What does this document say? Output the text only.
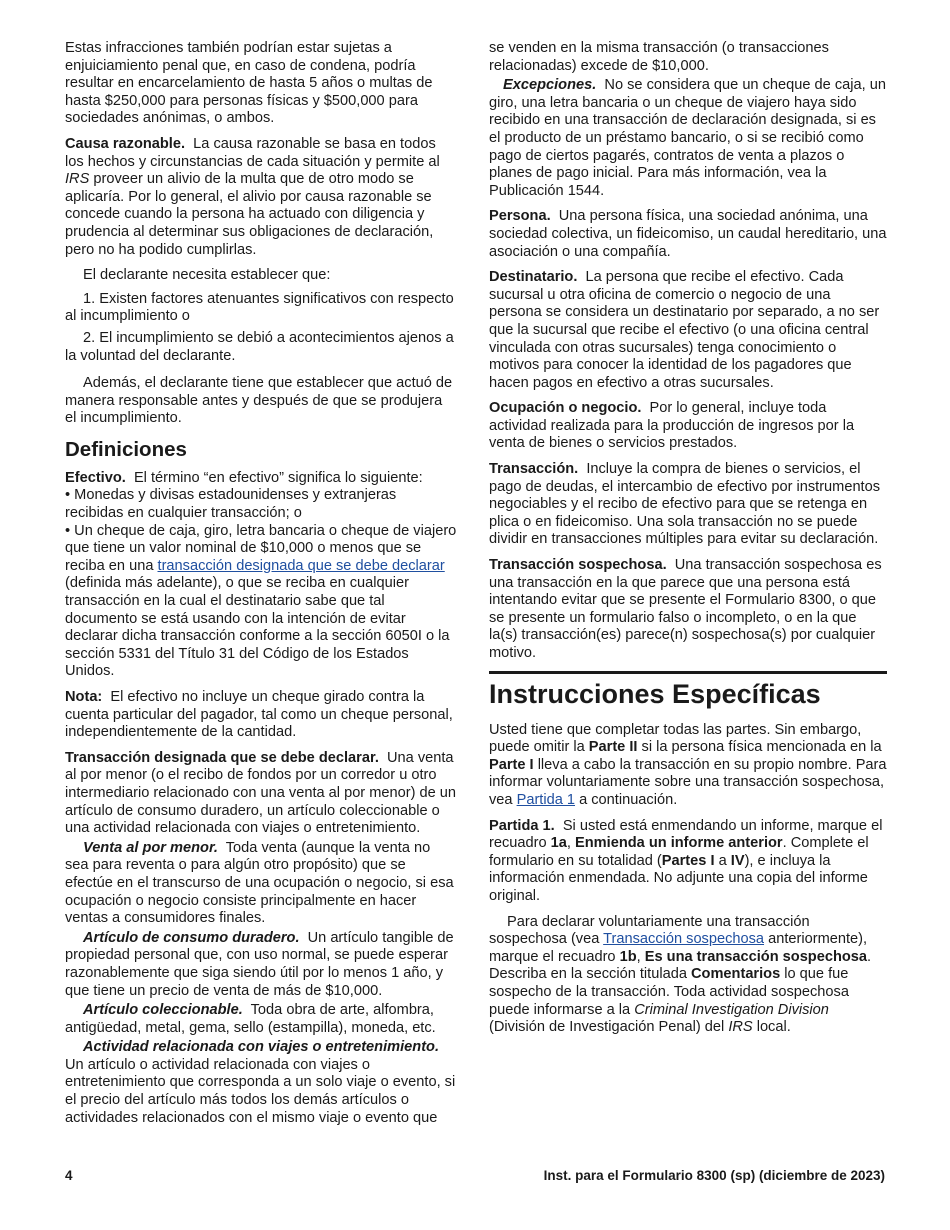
Estas infracciones también podrían estar sujetas a enjuiciamiento penal que, en caso de condena, podría resultar en encarcelamiento de hasta 5 años o multas de hasta $250,000 para personas físicas y $500,000 para sociedades anónimas, o ambos.

Causa razonable. La causa razonable se basa en todos los hechos y circunstancias de cada situación y permite al IRS proveer un alivio de la multa que de otro modo se aplicaría. Por lo general, el alivio por causa razonable se concede cuando la persona ha actuado con diligencia y prudencia al determinar sus obligaciones de declaración, pero no ha podido cumplirlas.

El declarante necesita establecer que:

1. Existen factores atenuantes significativos con respecto al incumplimiento o

2. El incumplimiento se debió a acontecimientos ajenos a la voluntad del declarante.

Además, el declarante tiene que establecer que actuó de manera responsable antes y después de que se produjera el incumplimiento.

Definiciones

Efectivo. El término “en efectivo” significa lo siguiente:

• Monedas y divisas estadounidenses y extranjeras recibidas en cualquier transacción; o

• Un cheque de caja, giro, letra bancaria o cheque de viajero que tiene un valor nominal de $10,000 o menos que se reciba en una transacción designada que se debe declarar (definida más adelante), o que se reciba en cualquier transacción en la cual el destinatario sabe que tal documento se está usando con la intención de evitar declarar dicha transacción conforme a la sección 6050I o la sección 5331 del Título 31 del Código de los Estados Unidos.

Nota: El efectivo no incluye un cheque girado contra la cuenta particular del pagador, tal como un cheque personal, independientemente de la cantidad.

Transacción designada que se debe declarar. Una venta al por menor (o el recibo de fondos por un corredor u otro intermediario relacionado con una venta al por menor) de un artículo de consumo duradero, un artículo coleccionable o una actividad relacionada con viajes o entretenimiento.

Venta al por menor. Toda venta (aunque la venta no sea para reventa o para algún otro propósito) que se efectúe en el transcurso de una ocupación o negocio, si esa ocupación o negocio consiste principalmente en hacer ventas a consumidores finales.

Artículo de consumo duradero. Un artículo tangible de propiedad personal que, con uso normal, se puede esperar razonablemente que siga siendo útil por lo menos 1 año, y que tiene un precio de venta de más de $10,000.

Artículo coleccionable. Toda obra de arte, alfombra, antigüedad, metal, gema, sello (estampilla), moneda, etc.

Actividad relacionada con viajes o entretenimiento. Un artículo o actividad relacionada con viajes o entretenimiento que corresponda a un solo viaje o evento, si el precio del artículo más todos los demás artículos o actividades relacionados con el mismo viaje o evento que

se venden en la misma transacción (o transacciones relacionadas) excede de $10,000.

Excepciones. No se considera que un cheque de caja, un giro, una letra bancaria o un cheque de viajero haya sido recibido en una transacción de declaración designada, si es el producto de un préstamo bancario, o si se recibió como pago de ciertos pagarés, contratos de venta a plazos o planes de pago inicial. Para más información, vea la Publicación 1544.

Persona. Una persona física, una sociedad anónima, una sociedad colectiva, un fideicomiso, un caudal hereditario, una asociación o una compañía.

Destinatario. La persona que recibe el efectivo. Cada sucursal u otra oficina de comercio o negocio de una persona se considera un destinatario por separado, a no ser que la sucursal que recibe el efectivo (o una oficina central vinculada con otras sucursales) tenga conocimiento o motivos para conocer la identidad de los pagadores que hacen pagos en efectivo a otras sucursales.

Ocupación o negocio. Por lo general, incluye toda actividad realizada para la producción de ingresos por la venta de bienes o servicios prestados.

Transacción. Incluye la compra de bienes o servicios, el pago de deudas, el intercambio de efectivo por instrumentos negociables y el recibo de efectivo para que se retenga en plica o en fideicomiso. Una sola transacción no se puede dividir en transacciones múltiples para evitar su declaración.

Transacción sospechosa. Una transacción sospechosa es una transacción en la que parece que una persona está intentando evitar que se presente el Formulario 8300, o que se presente un formulario falso o incompleto, o en la que la(s) transacción(es) parece(n) sospechosa(s) por cualquier motivo.

Instrucciones Específicas

Usted tiene que completar todas las partes. Sin embargo, puede omitir la Parte II si la persona física mencionada en la Parte I lleva a cabo la transacción en su propio nombre. Para informar voluntariamente sobre una transacción sospechosa, vea Partida 1 a continuación.

Partida 1. Si usted está enmendando un informe, marque el recuadro 1a, Enmienda un informe anterior. Complete el formulario en su totalidad (Partes I a IV), e incluya la información enmendada. No adjunte una copia del informe original.

Para declarar voluntariamente una transacción sospechosa (vea Transacción sospechosa anteriormente), marque el recuadro 1b, Es una transacción sospechosa. Describa en la sección titulada Comentarios lo que fue sospecho de la transacción. Toda actividad sospechosa puede informarse a la Criminal Investigation Division (División de Investigación Penal) del IRS local.

4	Inst. para el Formulario 8300 (sp) (diciembre de 2023)
